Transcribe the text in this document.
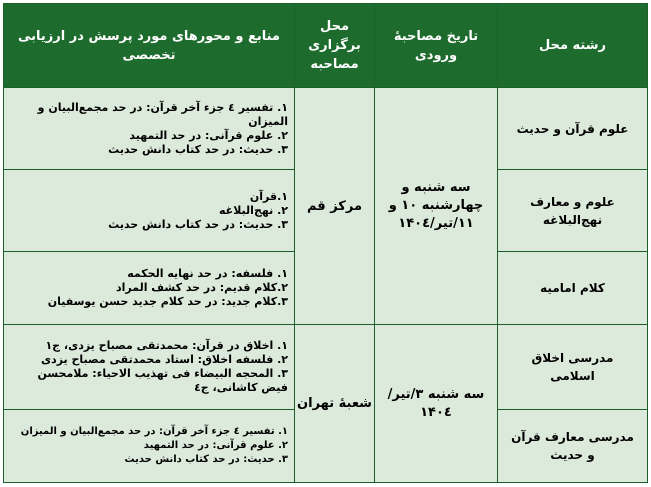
رشته محل	تاریخ مصاحبهٔ ورودی	محل برگزاری مصاحبه	منابع و محورهای مورد پرسش در ارزیابی تخصصی
علوم قرآن و حدیث	سه شنبه و چهارشنبه ۱۰ و ۱۱/تیر/۱۴۰٤	مرکز قم	۱. تفسیر ٤ جزء آخر قرآن: در حد مجمع‌البیان و المیزان
۲. علوم قرآنی: در حد التمهید
۳. حدیث: در حد کتاب دانش حدیث

علوم و معارف نهج‌البلاغه			۱.قرآن
۲. نهج‌البلاغه
۳. حدیث: در حد کتاب دانش حدیث

کلام امامیه			۱. فلسفه: در حد نهایه الحکمه
۲.کلام قدیم: در حد کشف المراد
۳.کلام جدید: در حد کلام جدید حسن یوسفیان

مدرسی اخلاق اسلامی	سه شنبه ۳/تیر/۱۴۰٤	شعبهٔ تهران	۱. اخلاق در قرآن: محمدتقی مصباح یزدی، ج۱
۲. فلسفه اخلاق: استاد محمدتقی مصباح یزدی
۳. المحجه البیضاء فی تهذیب الاحیاء: ملامحسن فیض کاشانی، ج٤

مدرسی معارف قرآن و حدیث			۱. تفسیر ٤ جزء آخر قرآن: در حد مجمع‌البیان و المیزان
۲. علوم قرآنی: در حد التمهید
۳. حدیث: در حد کتاب دانش حدیث
